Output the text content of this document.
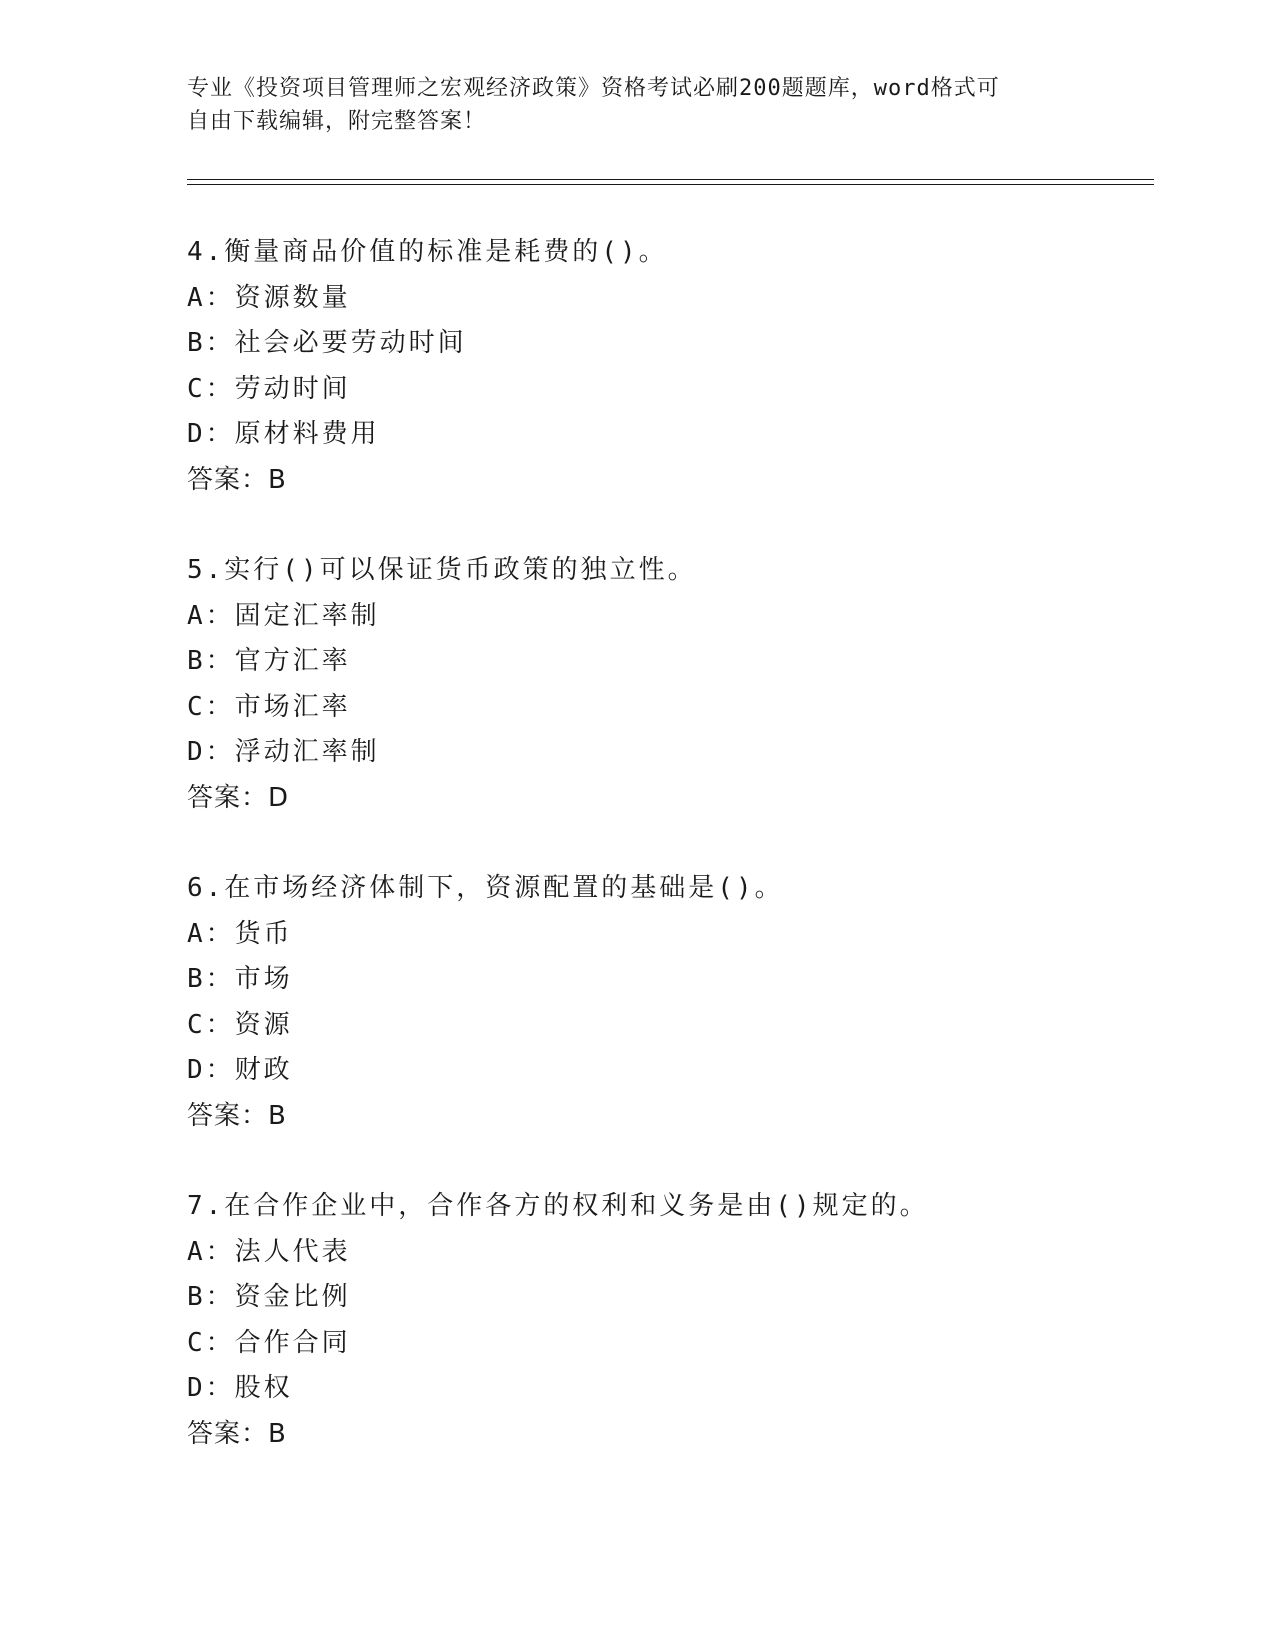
专业《投资项目管理师之宏观经济政策》资格考试必刷200题题库，word格式可
自由下载编辑，附完整答案！
4.衡量商品价值的标准是耗费的()。
A：资源数量
B：社会必要劳动时间
C：劳动时间
D：原材料费用
答案：B
5.实行()可以保证货币政策的独立性。
A：固定汇率制
B：官方汇率
C：市场汇率
D：浮动汇率制
答案：D
6.在市场经济体制下，资源配置的基础是()。
A：货币
B：市场
C：资源
D：财政
答案：B
7.在合作企业中，合作各方的权利和义务是由()规定的。
A：法人代表
B：资金比例
C：合作合同
D：股权
答案：B
